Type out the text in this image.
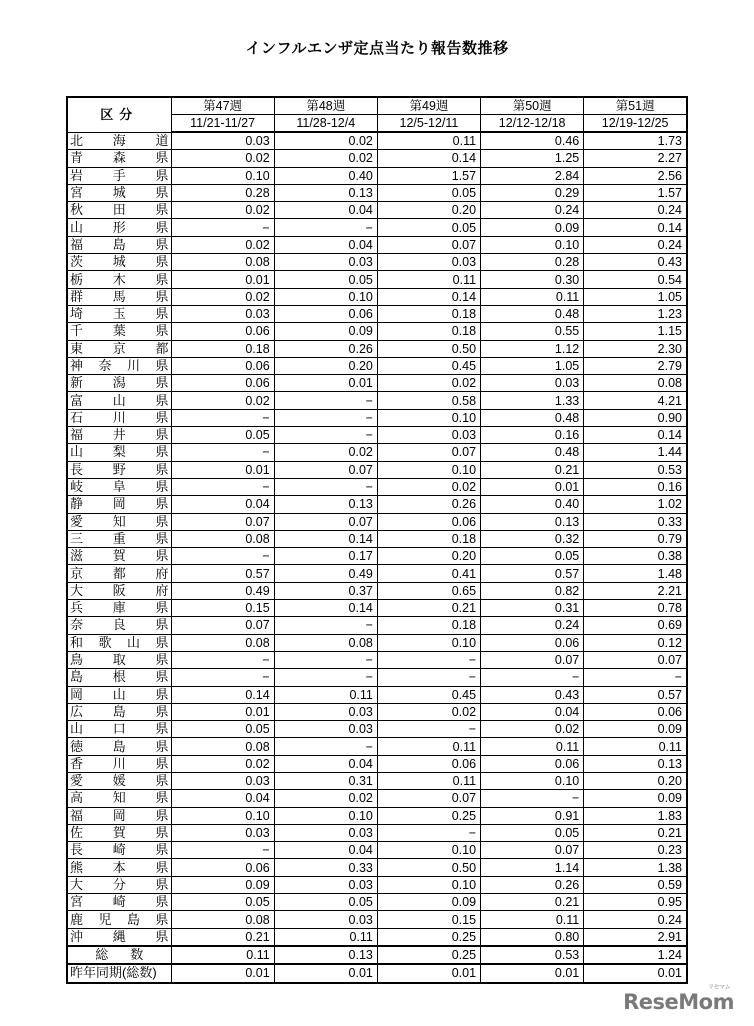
インフルエンザ定点当たり報告数推移
区分	第47週	第48週	第49週	第50週	第51週
	11/21-11/27	11/28-12/4	12/5-12/11	12/12-12/18	12/19-12/25
北海道	0.03	0.02	0.11	0.46	1.73
青森県	0.02	0.02	0.14	1.25	2.27
岩手県	0.10	0.40	1.57	2.84	2.56
宮城県	0.28	0.13	0.05	0.29	1.57
秋田県	0.02	0.04	0.20	0.24	0.24
山形県	−	−	0.05	0.09	0.14
福島県	0.02	0.04	0.07	0.10	0.24
茨城県	0.08	0.03	0.03	0.28	0.43
栃木県	0.01	0.05	0.11	0.30	0.54
群馬県	0.02	0.10	0.14	0.11	1.05
埼玉県	0.03	0.06	0.18	0.48	1.23
千葉県	0.06	0.09	0.18	0.55	1.15
東京都	0.18	0.26	0.50	1.12	2.30
神奈川県	0.06	0.20	0.45	1.05	2.79
新潟県	0.06	0.01	0.02	0.03	0.08
富山県	0.02	−	0.58	1.33	4.21
石川県	−	−	0.10	0.48	0.90
福井県	0.05	−	0.03	0.16	0.14
山梨県	−	0.02	0.07	0.48	1.44
長野県	0.01	0.07	0.10	0.21	0.53
岐阜県	−	−	0.02	0.01	0.16
静岡県	0.04	0.13	0.26	0.40	1.02
愛知県	0.07	0.07	0.06	0.13	0.33
三重県	0.08	0.14	0.18	0.32	0.79
滋賀県	−	0.17	0.20	0.05	0.38
京都府	0.57	0.49	0.41	0.57	1.48
大阪府	0.49	0.37	0.65	0.82	2.21
兵庫県	0.15	0.14	0.21	0.31	0.78
奈良県	0.07	−	0.18	0.24	0.69
和歌山県	0.08	0.08	0.10	0.06	0.12
鳥取県	−	−	−	0.07	0.07
島根県	−	−	−	−	−
岡山県	0.14	0.11	0.45	0.43	0.57
広島県	0.01	0.03	0.02	0.04	0.06
山口県	0.05	0.03	−	0.02	0.09
徳島県	0.08	−	0.11	0.11	0.11
香川県	0.02	0.04	0.06	0.06	0.13
愛媛県	0.03	0.31	0.11	0.10	0.20
高知県	0.04	0.02	0.07	−	0.09
福岡県	0.10	0.10	0.25	0.91	1.83
佐賀県	0.03	0.03	−	0.05	0.21
長崎県	−	0.04	0.10	0.07	0.23
熊本県	0.06	0.33	0.50	1.14	1.38
大分県	0.09	0.03	0.10	0.26	0.59
宮崎県	0.05	0.05	0.09	0.21	0.95
鹿児島県	0.08	0.03	0.15	0.11	0.24
沖縄県	0.21	0.11	0.25	0.80	2.91

総 数	0.11	0.13	0.25	0.53	1.24
昨年同期(総数)	0.01	0.01	0.01	0.01	0.01
ReseMom
リセマム
